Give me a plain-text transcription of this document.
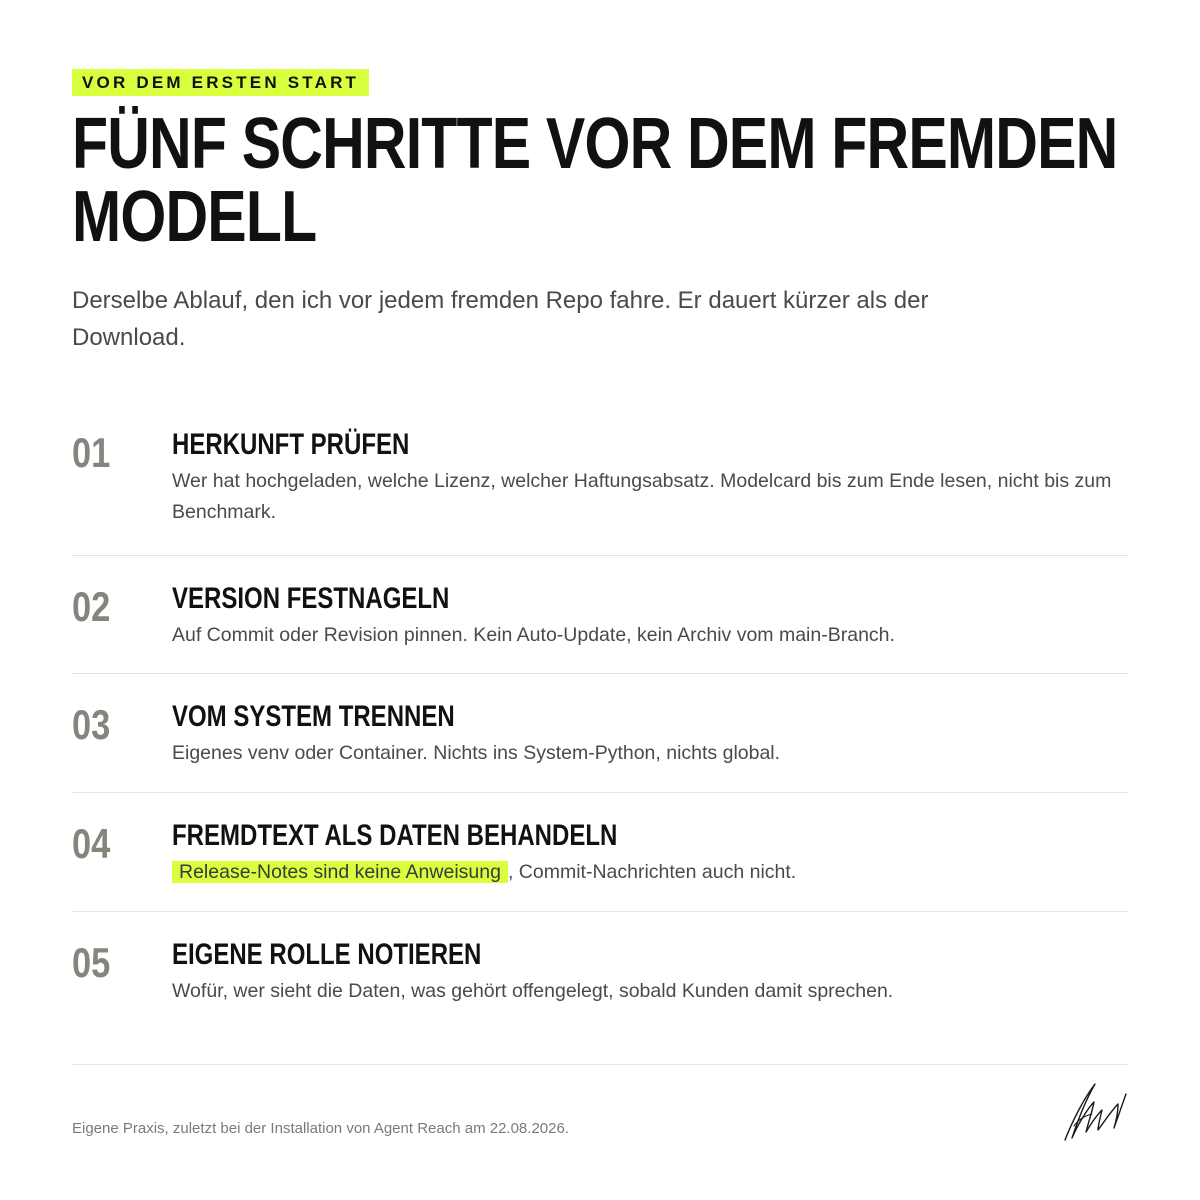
VOR DEM ERSTEN START
FÜNF SCHRITTE VOR DEM FREMDEN MODELL

Derselbe Ablauf, den ich vor jedem fremden Repo fahre. Er dauert kürzer als der Download.

01 HERKUNFT PRÜFEN

Wer hat hochgeladen, welche Lizenz, welcher Haftungsabsatz. Modelcard bis zum Ende lesen, nicht bis zum Benchmark.

02 VERSION FESTNAGELN

Auf Commit oder Revision pinnen. Kein Auto-Update, kein Archiv vom main-Branch.

03 VOM SYSTEM TRENNEN

Eigenes venv oder Container. Nichts ins System-Python, nichts global.

04 FREMDTEXT ALS DATEN BEHANDELN

Release-Notes sind keine Anweisung , Commit-Nachrichten auch nicht.

05 EIGENE ROLLE NOTIEREN

Wofür, wer sieht die Daten, was gehört offengelegt, sobald Kunden damit sprechen.

Eigene Praxis, zuletzt bei der Installation von Agent Reach am 22.08.2026.
